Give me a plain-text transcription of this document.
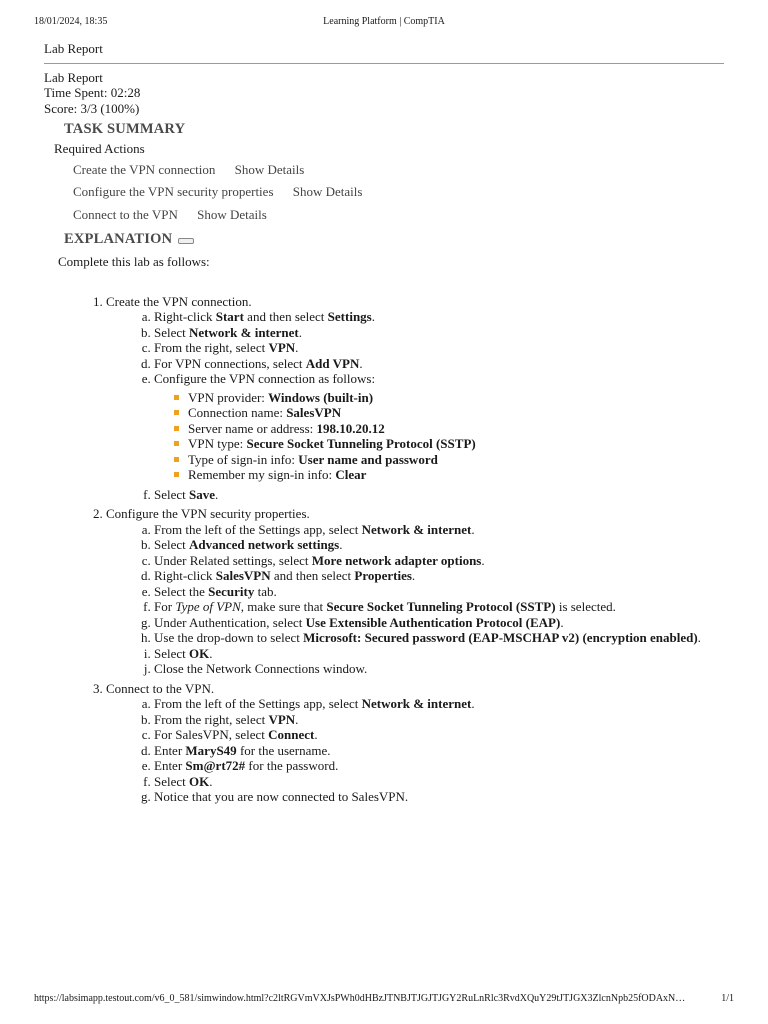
18/01/2024, 18:35	Learning Platform | CompTIA
Lab Report
Lab Report
Time Spent: 02:28
Score: 3/3 (100%)
TASK SUMMARY
Required Actions
Create the VPN connection Show Details
Configure the VPN security properties Show Details
Connect to the VPN Show Details
EXPLANATION
Complete this lab as follows:
1. Create the VPN connection.
a. Right-click Start and then select Settings.
b. Select Network & internet.
c. From the right, select VPN.
d. For VPN connections, select Add VPN.
e. Configure the VPN connection as follows:
VPN provider: Windows (built-in)
Connection name: SalesVPN
Server name or address: 198.10.20.12
VPN type: Secure Socket Tunneling Protocol (SSTP)
Type of sign-in info: User name and password
Remember my sign-in info: Clear
f. Select Save.
2. Configure the VPN security properties.
a. From the left of the Settings app, select Network & internet.
b. Select Advanced network settings.
c. Under Related settings, select More network adapter options.
d. Right-click SalesVPN and then select Properties.
e. Select the Security tab.
f. For Type of VPN, make sure that Secure Socket Tunneling Protocol (SSTP) is selected.
g. Under Authentication, select Use Extensible Authentication Protocol (EAP).
h. Use the drop-down to select Microsoft: Secured password (EAP-MSCHAP v2) (encryption enabled).
i. Select OK.
j. Close the Network Connections window.
3. Connect to the VPN.
a. From the left of the Settings app, select Network & internet.
b. From the right, select VPN.
c. For SalesVPN, select Connect.
d. Enter MaryS49 for the username.
e. Enter Sm@rt72# for the password.
f. Select OK.
g. Notice that you are now connected to SalesVPN.
https://labsimapp.testout.com/v6_0_581/simwindow.html?c2ltRGVmVXJsPWh0dHBzJTNBJTJGJTJGY2RuLnRlc3RvdXQuY29tJTJGX3ZlcnNpb25fODAxN…	1/1
